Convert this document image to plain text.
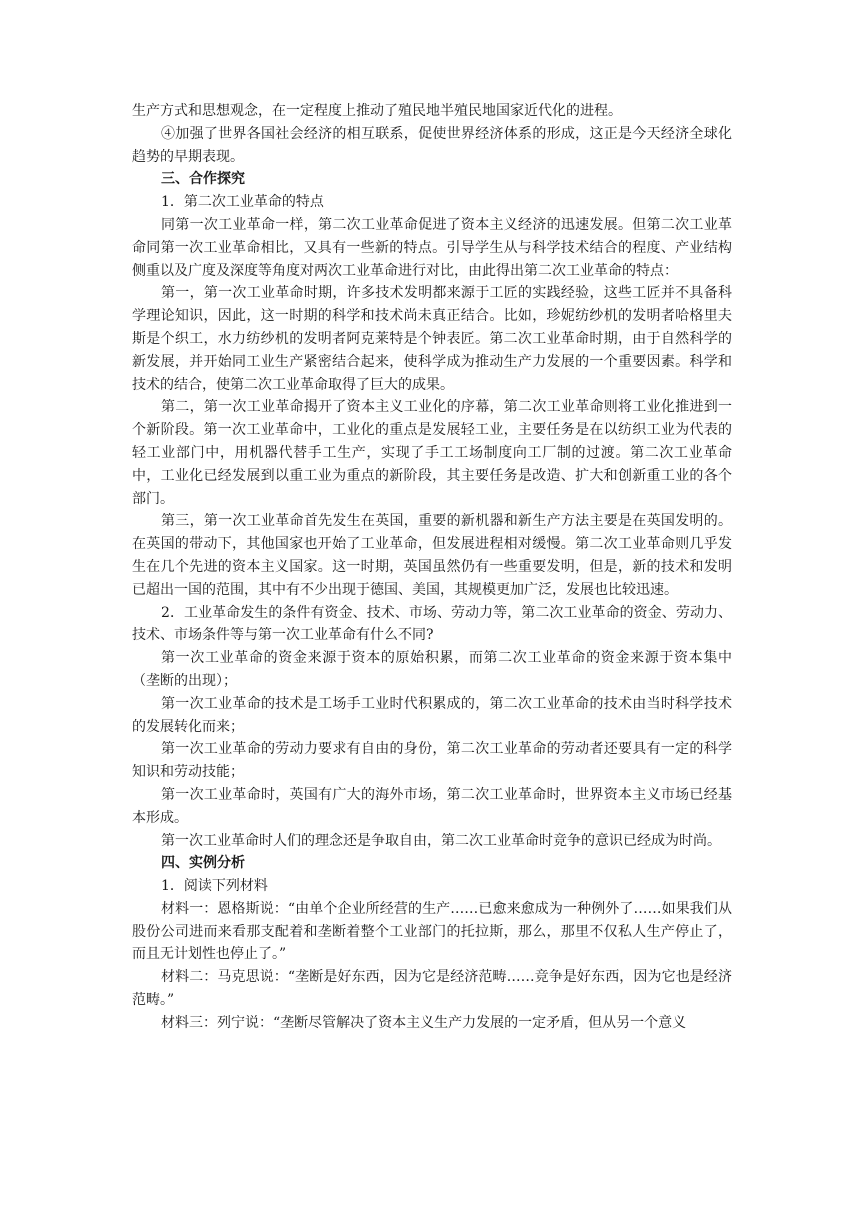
生产方式和思想观念，在一定程度上推动了殖民地半殖民地国家近代化的进程。

④加强了世界各国社会经济的相互联系，促使世界经济体系的形成，这正是今天经济全球化趋势的早期表现。

三、合作探究

1．第二次工业革命的特点

同第一次工业革命一样，第二次工业革命促进了资本主义经济的迅速发展。但第二次工业革命同第一次工业革命相比，又具有一些新的特点。引导学生从与科学技术结合的程度、产业结构侧重以及广度及深度等角度对两次工业革命进行对比，由此得出第二次工业革命的特点：

第一，第一次工业革命时期，许多技术发明都来源于工匠的实践经验，这些工匠并不具备科学理论知识，因此，这一时期的科学和技术尚未真正结合。比如，珍妮纺纱机的发明者哈格里夫斯是个织工，水力纺纱机的发明者阿克莱特是个钟表匠。第二次工业革命时期，由于自然科学的新发展，并开始同工业生产紧密结合起来，使科学成为推动生产力发展的一个重要因素。科学和技术的结合，使第二次工业革命取得了巨大的成果。

第二，第一次工业革命揭开了资本主义工业化的序幕，第二次工业革命则将工业化推进到一个新阶段。第一次工业革命中，工业化的重点是发展轻工业，主要任务是在以纺织工业为代表的轻工业部门中，用机器代替手工生产，实现了手工工场制度向工厂制的过渡。第二次工业革命中，工业化已经发展到以重工业为重点的新阶段，其主要任务是改造、扩大和创新重工业的各个部门。

第三，第一次工业革命首先发生在英国，重要的新机器和新生产方法主要是在英国发明的。在英国的带动下，其他国家也开始了工业革命，但发展进程相对缓慢。第二次工业革命则几乎发生在几个先进的资本主义国家。这一时期，英国虽然仍有一些重要发明，但是，新的技术和发明已超出一国的范围，其中有不少出现于德国、美国，其规模更加广泛，发展也比较迅速。

2．工业革命发生的条件有资金、技术、市场、劳动力等，第二次工业革命的资金、劳动力、技术、市场条件等与第一次工业革命有什么不同?

第一次工业革命的资金来源于资本的原始积累，而第二次工业革命的资金来源于资本集中（垄断的出现）；

第一次工业革命的技术是工场手工业时代积累成的，第二次工业革命的技术由当时科学技术的发展转化而来；

第一次工业革命的劳动力要求有自由的身份，第二次工业革命的劳动者还要具有一定的科学知识和劳动技能；

第一次工业革命时，英国有广大的海外市场，第二次工业革命时，世界资本主义市场已经基本形成。

第一次工业革命时人们的理念还是争取自由，第二次工业革命时竞争的意识已经成为时尚。

四、实例分析

1．阅读下列材料

材料一：恩格斯说：“由单个企业所经营的生产……已愈来愈成为一种例外了……如果我们从股份公司进而来看那支配着和垄断着整个工业部门的托拉斯，那么，那里不仅私人生产停止了，而且无计划性也停止了。”

材料二：马克思说：“垄断是好东西，因为它是经济范畴……竞争是好东西，因为它也是经济范畴。”

材料三：列宁说：“垄断尽管解决了资本主义生产力发展的一定矛盾，但从另一个意义
